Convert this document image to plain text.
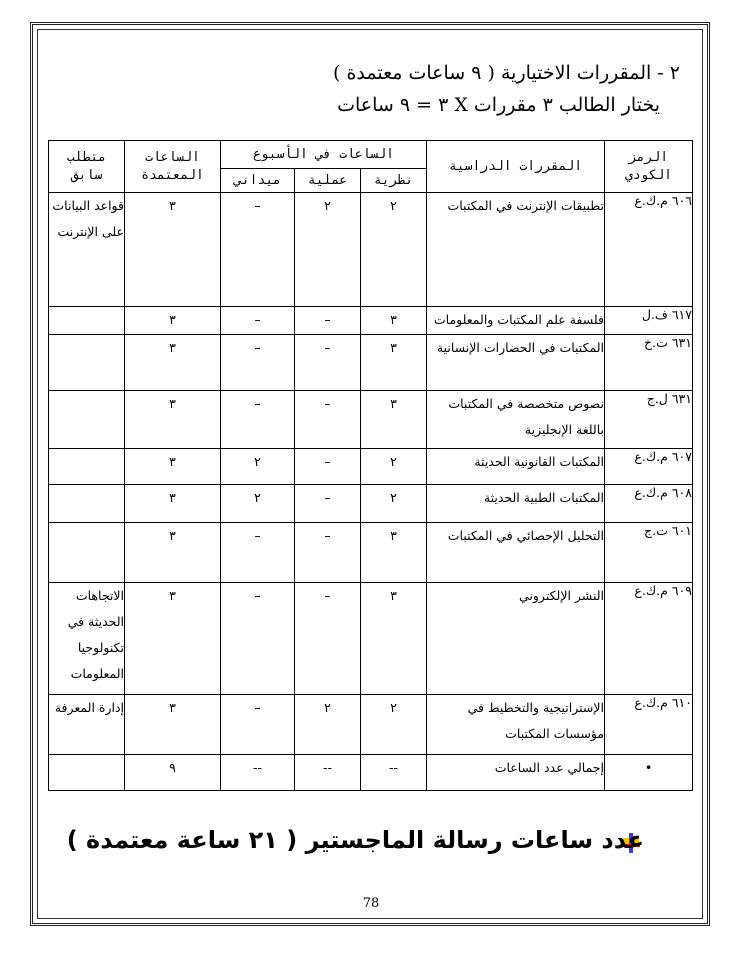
٢ - المقررات الاختيارية ( ٩ ساعات معتمدة )
يختار الطالب ٣ مقررات X ٣ = ٩ ساعات
الرمز الكودي	المقررات الدراسية	الساعات في الأسبوع			الساعات المعتمدة	متطلب سابق
		نظرية	عملية	ميداني		
٦٠٦ م.ك.ع	تطبيقات الإنترنت في المكتبات	٢	٢	–	٣	قواعد البيانات على الإنترنت
٦١٧ ف.ل	فلسفة علم المكتبات والمعلومات	٣	–	–	٣	
٦٣١ ت.خ	المكتبات في الحضارات الإنسانية	٣	–	–	٣	
٦٣١ ل.ج	نصوص متخصصة في المكتبات باللغة الإنجليزية	٣	–	–	٣	
٦٠٧ م.ك.ع	المكتبات القانونية الحديثة	٢	–	٢	٣	
٦٠٨ م.ك.ع	المكتبات الطبية الحديثة	٢	–	٢	٣	
٦٠١ ت.ج	التحليل الإحصائي في المكتبات	٣	–	–	٣	
٦٠٩ م.ك.ع	النشر الإلكتروني	٣	–	–	٣	الاتجاهات الحديثة في تكنولوجيا المعلومات
٦١٠ م.ك.ع	الإستراتيجية والتخطيط في مؤسسات المكتبات	٢	٢	–	٣	إدارة المعرفة
•	إجمالي عدد الساعات	--	--	--	٩	
عدد ساعات رسالة الماجستير ( ٢١ ساعة معتمدة )
78
